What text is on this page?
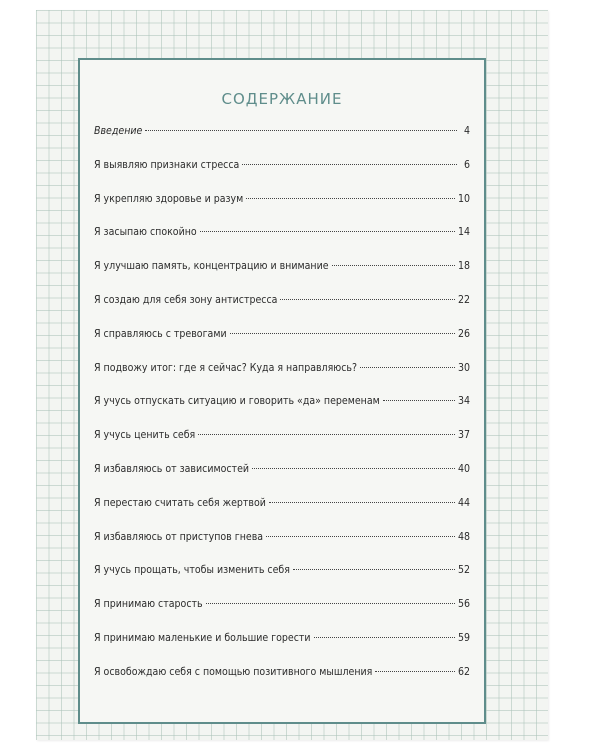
СОДЕРЖАНИЕ
Введение	4
Я выявляю признаки стресса	6
Я укрепляю здоровье и разум	10
Я засыпаю спокойно	14
Я улучшаю память, концентрацию и внимание	18
Я создаю для себя зону антистресса	22
Я справляюсь с тревогами	26
Я подвожу итог: где я сейчас? Куда я направляюсь?	30
Я учусь отпускать ситуацию и говорить «да» переменам	34
Я учусь ценить себя	37
Я избавляюсь от зависимостей	40
Я перестаю считать себя жертвой	44
Я избавляюсь от приступов гнева	48
Я учусь прощать, чтобы изменить себя	52
Я принимаю старость	56
Я принимаю маленькие и большие горести	59
Я освобождаю себя с помощью позитивного мышления	62
